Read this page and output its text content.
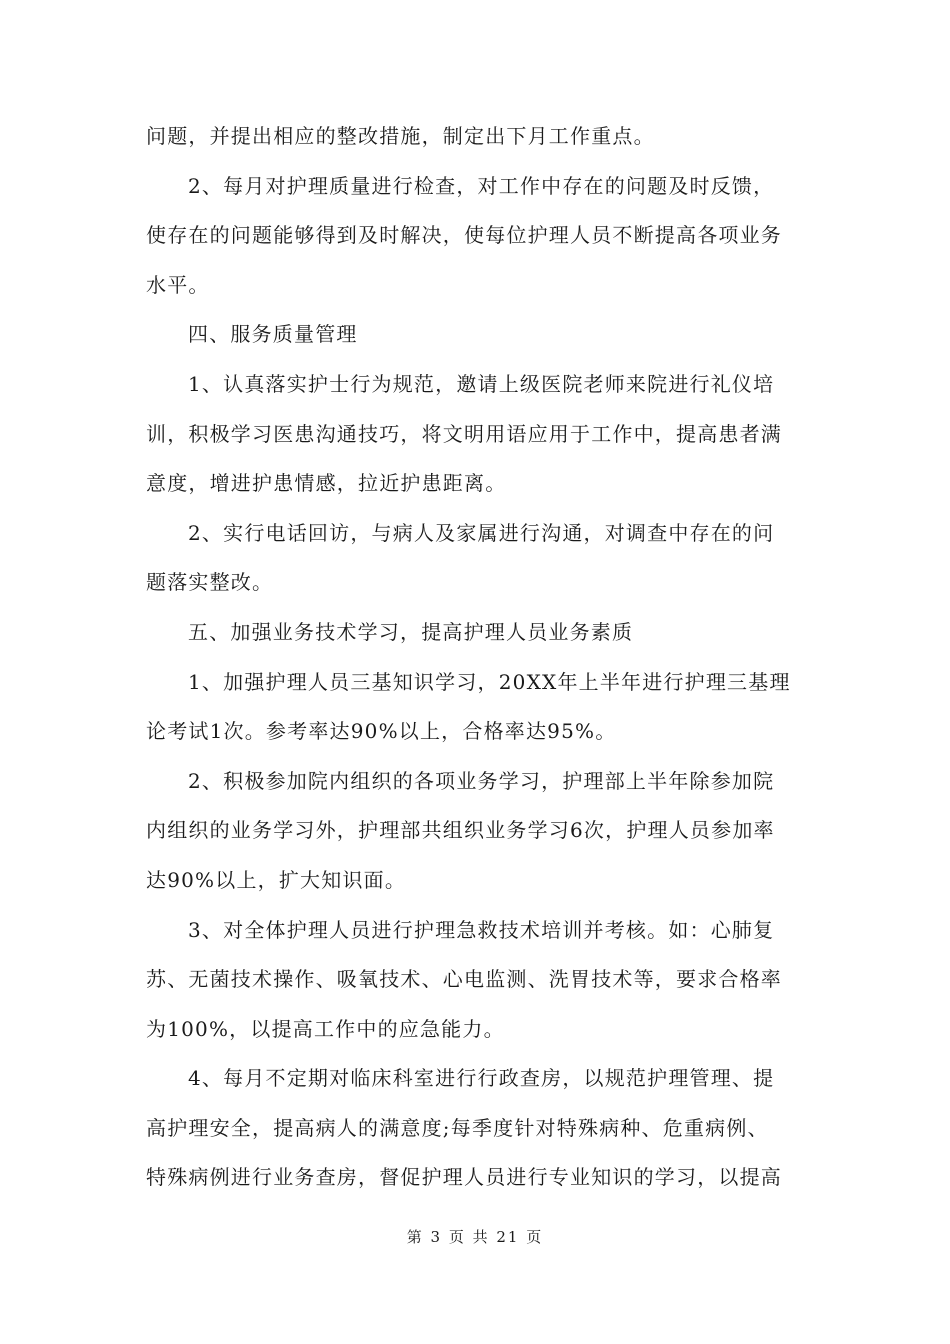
问题，并提出相应的整改措施，制定出下月工作重点。
2、每月对护理质量进行检查，对工作中存在的问题及时反馈，
使存在的问题能够得到及时解决，使每位护理人员不断提高各项业务
水平。
四、服务质量管理
1、认真落实护士行为规范，邀请上级医院老师来院进行礼仪培
训，积极学习医患沟通技巧，将文明用语应用于工作中，提高患者满
意度，增进护患情感，拉近护患距离。
2、实行电话回访，与病人及家属进行沟通，对调查中存在的问
题落实整改。
五、加强业务技术学习，提高护理人员业务素质
1、加强护理人员三基知识学习，20XX年上半年进行护理三基理
论考试1次。参考率达90%以上，合格率达95%。
2、积极参加院内组织的各项业务学习，护理部上半年除参加院
内组织的业务学习外，护理部共组织业务学习6次，护理人员参加率
达90%以上，扩大知识面。
3、对全体护理人员进行护理急救技术培训并考核。如：心肺复
苏、无菌技术操作、吸氧技术、心电监测、洗胃技术等，要求合格率
为100%，以提高工作中的应急能力。
4、每月不定期对临床科室进行行政查房，以规范护理管理、提
高护理安全，提高病人的满意度;每季度针对特殊病种、危重病例、
特殊病例进行业务查房，督促护理人员进行专业知识的学习，以提高
第 3 页 共 21 页
